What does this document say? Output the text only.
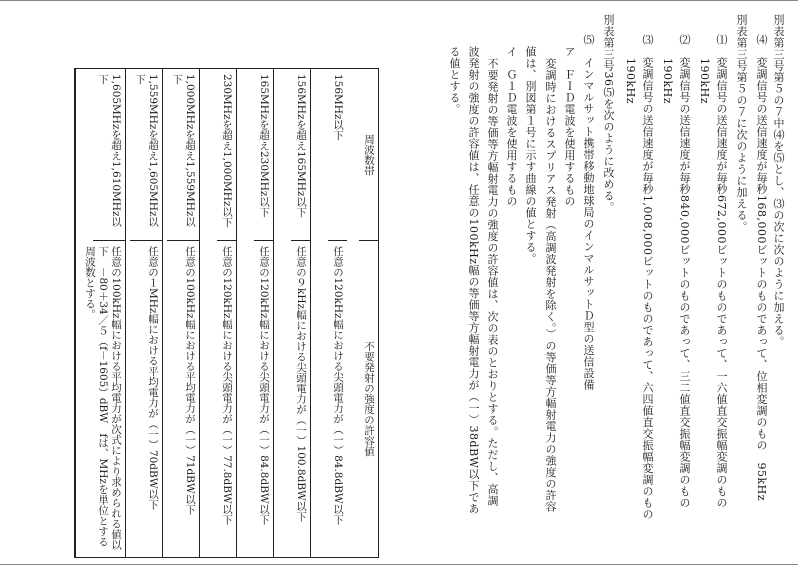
別表第三号第５の７中⑷を⑸とし、⑶の次に次のように加える。
⑷　変調信号の送信速度が毎秒168,000ビットのものであって、位相変調のもの　95kHz
別表第三号第５の７に次のように加える。
⑴　変調信号の送信速度が毎秒672,000ビットのものであって、一六値直交振幅変調のもの
190kHz
⑵　変調信号の送信速度が毎秒840,000ビットのものであって、三二値直交振幅変調のもの
190kHz
⑶　変調信号の送信速度が毎秒1,008,000ビットのものであって、六四値直交振幅変調のもの
190kHz
別表第三号36⑸を次のように改める。
⑸　インマルサット携帯移動地球局のインマルサットＤ型の送信設備
ア　ＦＩＤ電波を使用するもの
変調時におけるスプリアス発射（高調波発射を除く。）の等価等方輻射電力の強度の許容
値は、別図第１号に示す曲線の値とする。
イ　Ｇ１Ｄ電波を使用するもの
不要発射の等価等方輻射電力の強度の許容値は、次の表のとおりとする。ただし、高調
波発射の強度の許容値は、任意の100kHz幅の等価等方輻射電力が（一）38dBW以下であ
る値とする。
周波数帯
不要発射の強度の許容値
156MHz以下
任意の120kHz幅における尖頭電力が（一）84.8dBW以下
156MHzを超え165MHz以下
任意の９kHz幅における尖頭電力が（一）100.8dBW以下
165MHzを超え230MHz以下
任意の120kHz幅における尖頭電力が（一）84.8dBW以下
230MHzを超え1,000MHz以下
任意の120kHz幅における尖頭電力が（一）77.8dBW以下
1,000MHzを超え1,559MHz以下
任意の100kHz幅における平均電力が（一）71dBW以下
1,559MHzを超え1,605MHz以下
任意の１MHz幅における平均電力が（一）70dBW以下
1,605MHzを超え1,610MHz以下
任意の100kHz幅における平均電力が次式により求められる値以下　－80＋34／５（f－1605）dBW　fは、MHzを単位とする周波数とする。
